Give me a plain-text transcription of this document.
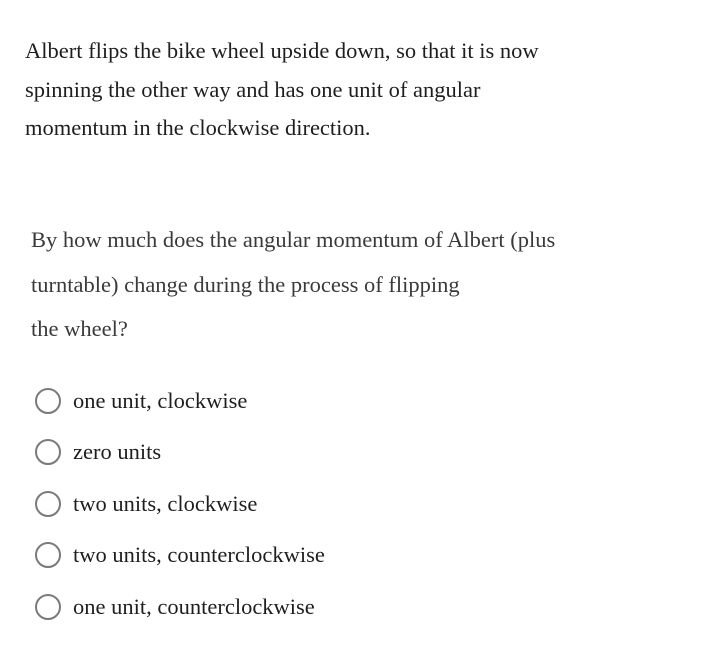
Albert flips the bike wheel upside down, so that it is now
spinning the other way and has one unit of angular
momentum in the clockwise direction.
By how much does the angular momentum of Albert (plus
turntable) change during the process of flipping
the wheel?
one unit, clockwise
zero units
two units, clockwise
two units, counterclockwise
one unit, counterclockwise
